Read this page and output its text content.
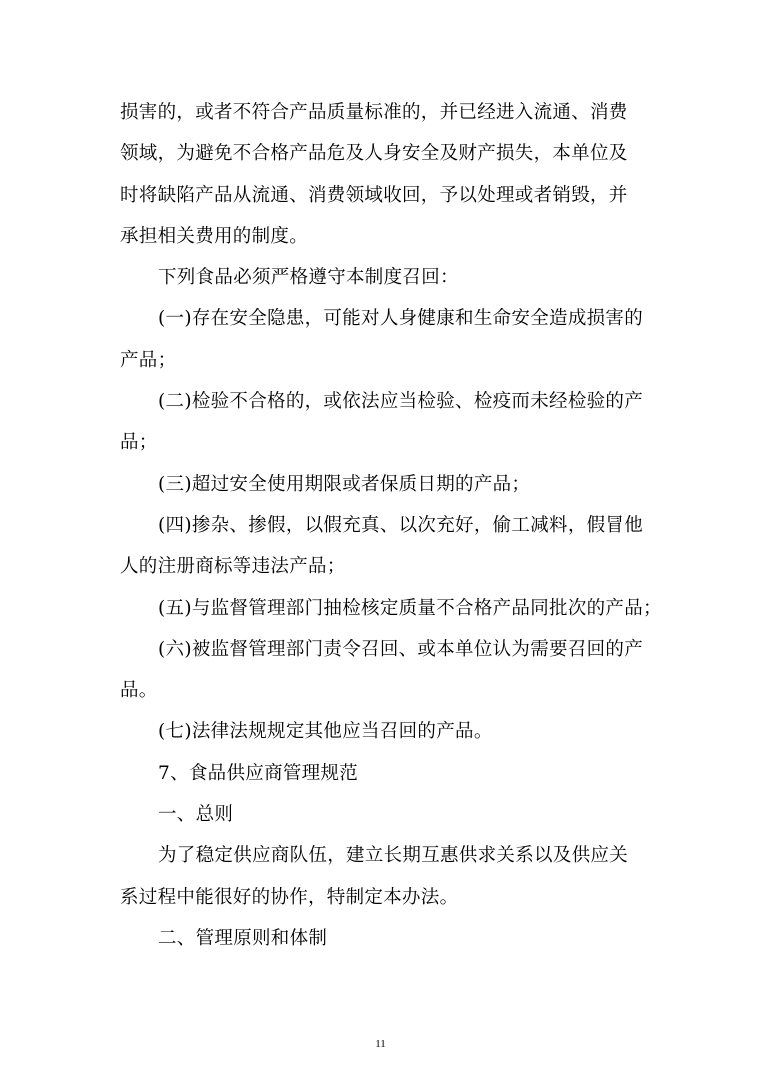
损害的，或者不符合产品质量标准的，并已经进入流通、消费
领域，为避免不合格产品危及人身安全及财产损失，本单位及
时将缺陷产品从流通、消费领域收回，予以处理或者销毁，并
承担相关费用的制度。
下列食品必须严格遵守本制度召回：
(一)存在安全隐患，可能对人身健康和生命安全造成损害的
产品；
(二)检验不合格的，或依法应当检验、检疫而未经检验的产
品；
(三)超过安全使用期限或者保质日期的产品；
(四)掺杂、掺假，以假充真、以次充好，偷工减料，假冒他
人的注册商标等违法产品；
(五)与监督管理部门抽检核定质量不合格产品同批次的产品；
(六)被监督管理部门责令召回、或本单位认为需要召回的产
品。
(七)法律法规规定其他应当召回的产品。
7、食品供应商管理规范
一、总则
为了稳定供应商队伍，建立长期互惠供求关系以及供应关
系过程中能很好的协作，特制定本办法。
二、管理原则和体制
11
